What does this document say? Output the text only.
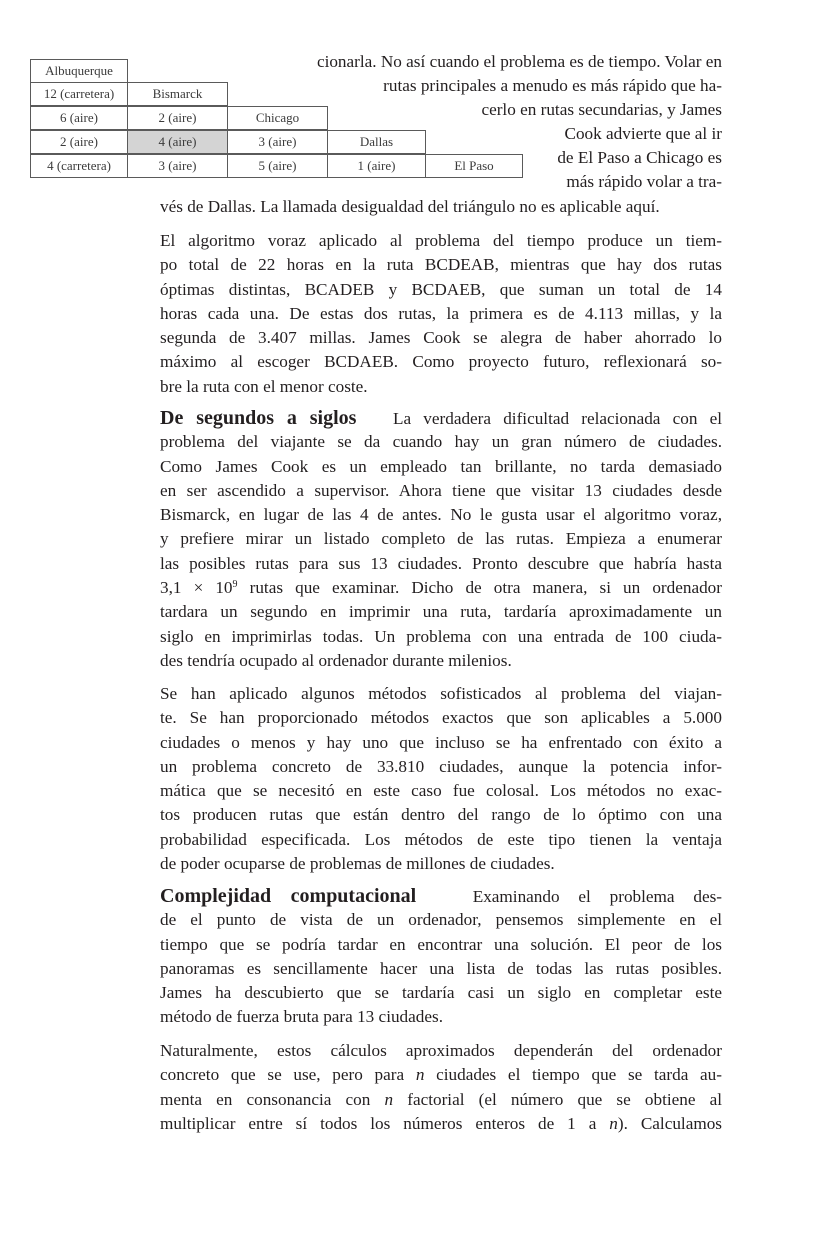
Albuquerque
12 (carretera)	Bismarck
6 (aire)	2 (aire)	Chicago
2 (aire)	4 (aire)	3 (aire)	Dallas
4 (carretera)	3 (aire)	5 (aire)	1 (aire)	El Paso
cionarla. No así cuando el problema es de tiempo. Volar en
rutas principales a menudo es más rápido que ha-
cerlo en rutas secundarias, y James
Cook advierte que al ir
de El Paso a Chicago es
más rápido volar a tra-
vés de Dallas. La llamada desigualdad del triángulo no es aplicable aquí.
El algoritmo voraz aplicado al problema del tiempo produce un tiem-
po total de 22 horas en la ruta BCDEAB, mientras que hay dos rutas
óptimas distintas, BCADEB y BCDAEB, que suman un total de 14
horas cada una. De estas dos rutas, la primera es de 4.113 millas, y la
segunda de 3.407 millas. James Cook se alegra de haber ahorrado lo
máximo al escoger BCDAEB. Como proyecto futuro, reflexionará so-
bre la ruta con el menor coste.
De segundos a siglos La verdadera dificultad relacionada con el
problema del viajante se da cuando hay un gran número de ciudades.
Como James Cook es un empleado tan brillante, no tarda demasiado
en ser ascendido a supervisor. Ahora tiene que visitar 13 ciudades desde
Bismarck, en lugar de las 4 de antes. No le gusta usar el algoritmo voraz,
y prefiere mirar un listado completo de las rutas. Empieza a enumerar
las posibles rutas para sus 13 ciudades. Pronto descubre que habría hasta
$3,1 \times 10^9$ rutas que examinar. Dicho de otra manera, si un ordenador
tardara un segundo en imprimir una ruta, tardaría aproximadamente un
siglo en imprimirlas todas. Un problema con una entrada de 100 ciuda-
des tendría ocupado al ordenador durante milenios.
Se han aplicado algunos métodos sofisticados al problema del viajan-
te. Se han proporcionado métodos exactos que son aplicables a 5.000
ciudades o menos y hay uno que incluso se ha enfrentado con éxito a
un problema concreto de 33.810 ciudades, aunque la potencia infor-
mática que se necesitó en este caso fue colosal. Los métodos no exac-
tos producen rutas que están dentro del rango de lo óptimo con una
probabilidad especificada. Los métodos de este tipo tienen la ventaja
de poder ocuparse de problemas de millones de ciudades.
Complejidad computacional	Examinando el problema des-
de el punto de vista de un ordenador, pensemos simplemente en el
tiempo que se podría tardar en encontrar una solución. El peor de los
panoramas es sencillamente hacer una lista de todas las rutas posibles.
James ha descubierto que se tardaría casi un siglo en completar este
método de fuerza bruta para 13 ciudades.
Naturalmente, estos cálculos aproximados dependerán del ordenador
concreto que se use, pero para n ciudades el tiempo que se tarda au-
menta en consonancia con n factorial (el número que se obtiene al
multiplicar entre sí todos los números enteros de 1 a n). Calculamos
